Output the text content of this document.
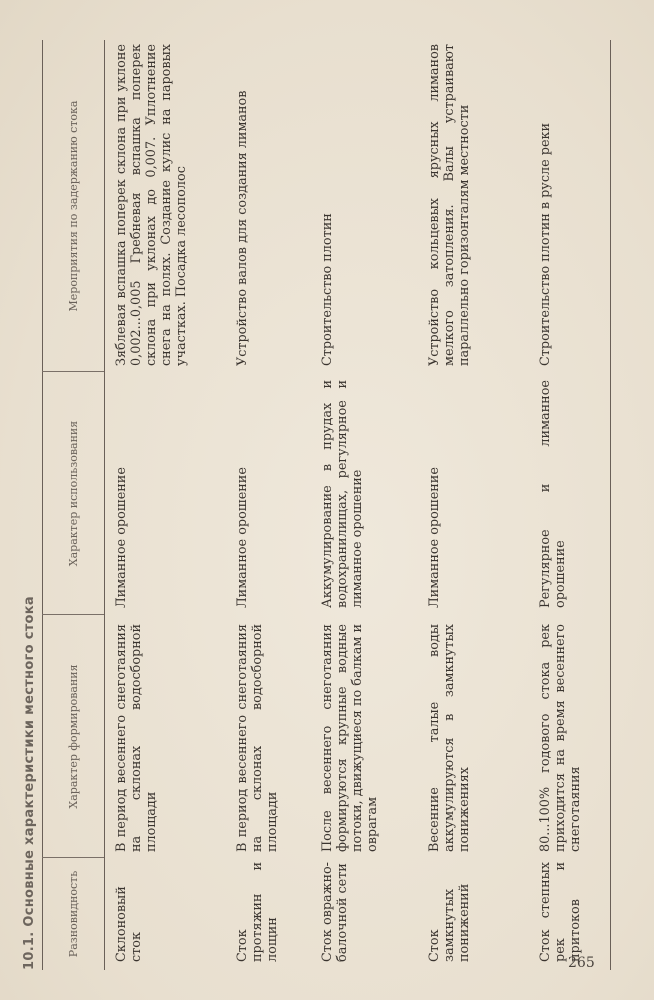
10.1. Основные характеристики местного стока	Разновидность
Характер формирования
Характер использования
Мероприятия по задержанию стока
Склоновый сток
В период весеннего снеготаяния на склонах водосборной площади
Лиманное орошение
Зяблевая вспашка поперек склона при уклоне 0,002...0,005 Гребневая вспашка поперек склона при уклонах до 0,007. Уплотнение снега на полях. Создание кулис на паровых участках. Посадка лесополос
Сток протяжин и лощин
В период весеннего снеготаяния на склонах водосборной площади
Лиманное орошение
Устройство валов для создания лиманов
Сток овражно-балочной сети
После весеннего снеготаяния формируются крупные водные потоки, движущиеся по балкам и оврагам
Аккумулирование в прудах и водохранилищах, регулярное и лиманное орошение
Строительство плотин
Сток замкнутых понижений
Весенние талые воды аккумулируются в замкнутых понижениях
Лиманное орошение
Устройство кольцевых ярусных лиманов мелкого затопления. Валы устраивают параллельно горизонталям местности
Сток степных рек и притоков
80...100% годового стока рек приходится на время весеннего снеготаяния
Регулярное и лиманное орошение
Строительство плотин в русле реки
265
